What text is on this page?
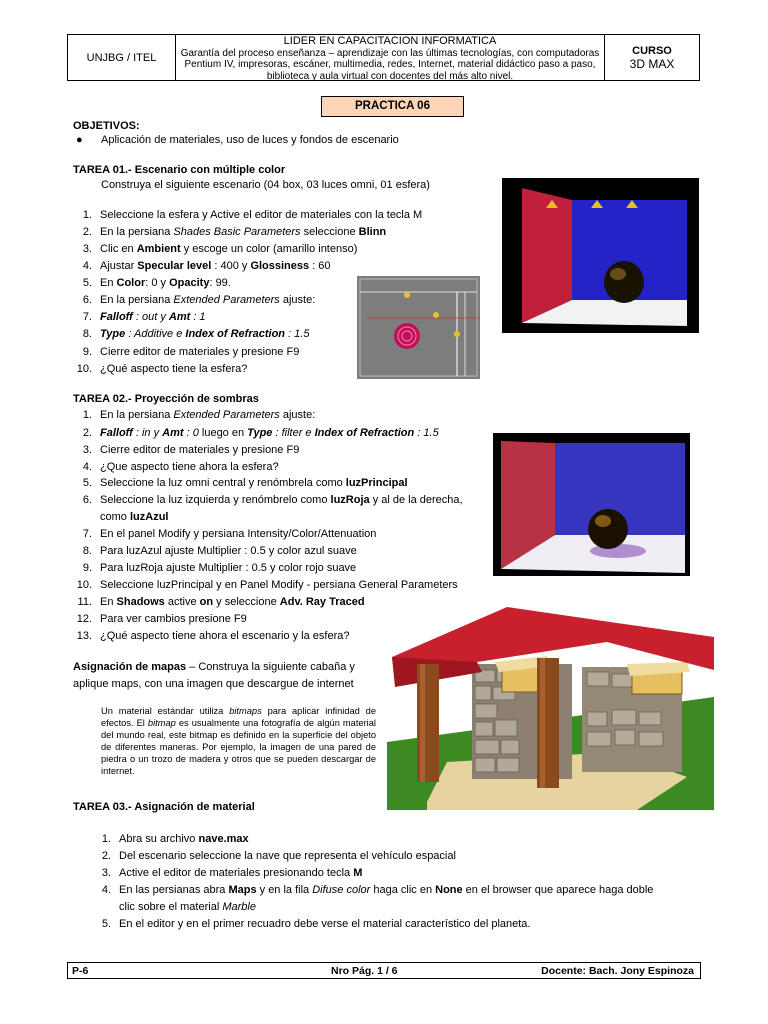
UNJBG / ITEL
LIDER EN CAPACITACION INFORMATICA
Garantía del proceso enseñanza – aprendizaje con las últimas tecnologías, con computadoras Pentium IV, impresoras, escáner, multimedia, redes, Internet, material didáctico paso a paso, biblioteca y aula virtual con docentes del más alto nivel.
CURSO
3D MAX
PRACTICA 06
OBJETIVOS:
● Aplicación de materiales, uso de luces y fondos de escenario
TAREA 01.- Escenario con múltiple color
Construya el siguiente escenario (04 box, 03 luces omni, 01 esfera)
1. Seleccione la esfera y Active el editor de materiales con la tecla M
2. En la persiana Shades Basic Parameters seleccione Blinn
3. Clic en Ambient y escoge un color (amarillo intenso)
4. Ajustar Specular level : 400 y Glossiness : 60
5. En Color: 0 y Opacity: 99.
6. En la persiana Extended Parameters ajuste:
7. Falloff : out y Amt : 1
8. Type : Additive e Index of Refraction : 1.5
9. Cierre editor de materiales y presione F9
10. ¿Qué aspecto tiene la esfera?
TAREA 02.- Proyección de sombras
1. En la persiana Extended Parameters ajuste:
2. Falloff : in y Amt : 0 luego en Type : filter e Index of Refraction : 1.5
3. Cierre editor de materiales y presione F9
4. ¿Que aspecto tiene ahora la esfera?
5. Seleccione la luz omni central y renómbrela como luzPrincipal
6. Seleccione la luz izquierda y renómbrelo como luzRoja y al de la derecha,
como luzAzul
7. En el panel Modify y persiana Intensity/Color/Attenuation
8. Para luzAzul ajuste Multiplier : 0.5 y color azul suave
9. Para luzRoja ajuste Multiplier : 0.5 y color rojo suave
10. Seleccione luzPrincipal y en Panel Modify - persiana General Parameters
11. En Shadows active on y seleccione Adv. Ray Traced
12. Para ver cambios presione F9
13. ¿Qué aspecto tiene ahora el escenario y la esfera?
Asignación de mapas – Construya la siguiente cabaña y
aplique maps, con una imagen que descargue de internet
Un material estándar utiliza bitmaps para aplicar infinidad de efectos. El bitmap es usualmente una fotografía de algún material del mundo real, este bitmap es definido en la superficie del objeto de diferentes maneras. Por ejemplo, la imagen de una pared de piedra o un trozo de madera y otros que se pueden descargar de internet.
TAREA 03.- Asignación de material
1. Abra su archivo nave.max
2. Del escenario seleccione la nave que representa el vehículo espacial
3. Active el editor de materiales presionando tecla M
4. En las persianas abra Maps y en la fila Difuse color haga clic en None en el browser que aparece haga doble
clic sobre el material Marble
5. En el editor y en el primer recuadro debe verse el material característico del planeta.
P-6	Nro Pág. 1 / 6	Docente: Bach. Jony Espinoza
